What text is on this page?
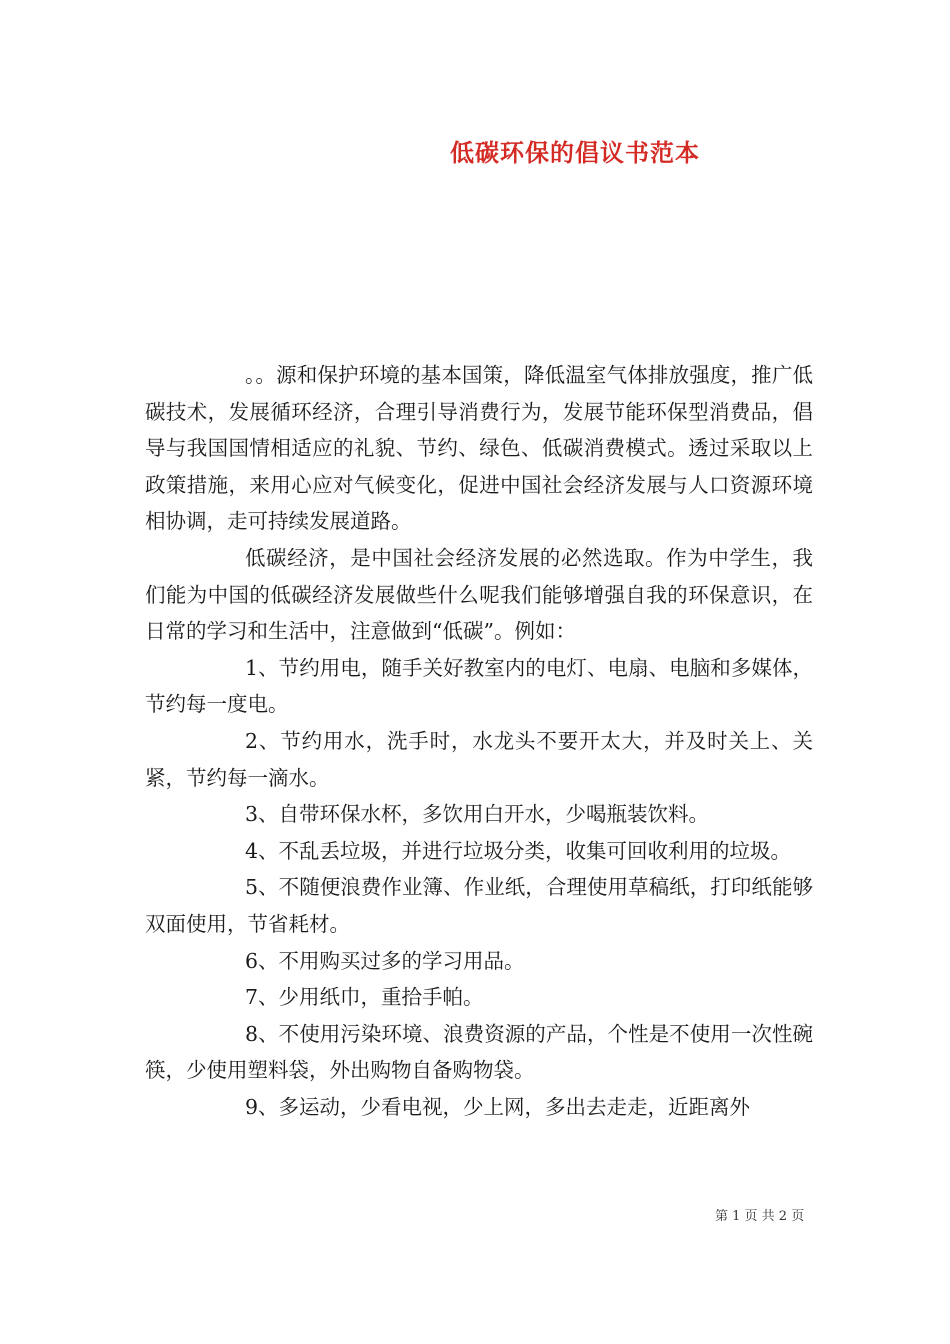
低碳环保的倡议书范本

。。源和保护环境的基本国策，降低温室气体排放强度，推广低碳技术，发展循环经济，合理引导消费行为，发展节能环保型消费品，倡导与我国国情相适应的礼貌、节约、绿色、低碳消费模式。透过采取以上政策措施，来用心应对气候变化，促进中国社会经济发展与人口资源环境相协调，走可持续发展道路。

低碳经济，是中国社会经济发展的必然选取。作为中学生，我们能为中国的低碳经济发展做些什么呢我们能够增强自我的环保意识，在日常的学习和生活中，注意做到“低碳”。例如：

1、节约用电，随手关好教室内的电灯、电扇、电脑和多媒体，节约每一度电。

2、节约用水，洗手时，水龙头不要开太大，并及时关上、关紧，节约每一滴水。

3、自带环保水杯，多饮用白开水，少喝瓶装饮料。

4、不乱丢垃圾，并进行垃圾分类，收集可回收利用的垃圾。

5、不随便浪费作业簿、作业纸，合理使用草稿纸，打印纸能够双面使用，节省耗材。

6、不用购买过多的学习用品。

7、少用纸巾，重拾手帕。

8、不使用污染环境、浪费资源的产品，个性是不使用一次性碗筷，少使用塑料袋，外出购物自备购物袋。

9、多运动，少看电视，少上网，多出去走走，近距离外

第 1 页 共 2 页
